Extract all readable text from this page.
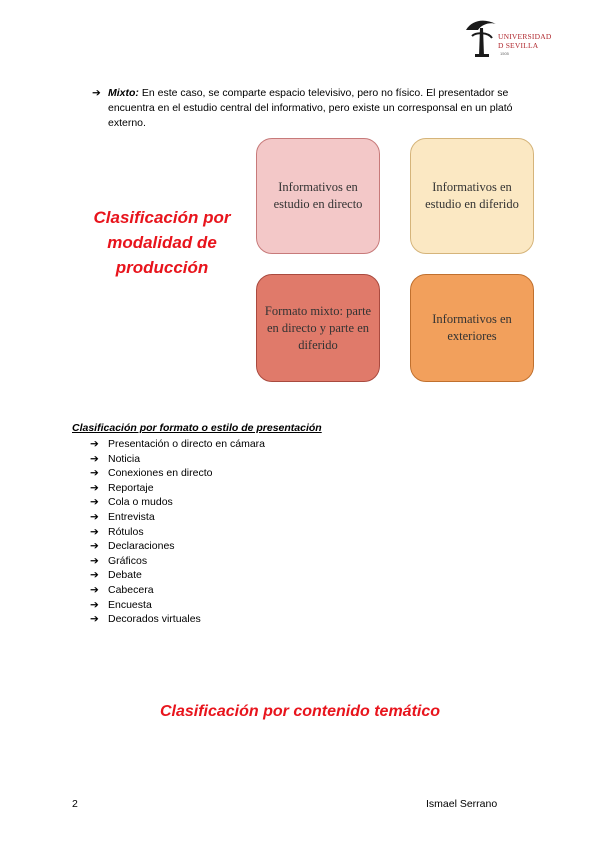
UNIVERSIDAD
D SEVILLA
1505
➔ Mixto: En este caso, se comparte espacio televisivo, pero no físico. El presentador se encuentra en el estudio central del informativo, pero existe un corresponsal en un plató externo.
Clasificación por modalidad de producción
Informativos en estudio en directo
Informativos en estudio en diferido
Formato mixto: parte en directo y parte en diferido
Informativos en exteriores
Clasificación por formato o estilo de presentación
➔ Presentación o directo en cámara
➔ Noticia
➔ Conexiones en directo
➔ Reportaje
➔ Cola o mudos
➔ Entrevista
➔ Rótulos
➔ Declaraciones
➔ Gráficos
➔ Debate
➔ Cabecera
➔ Encuesta
➔ Decorados virtuales
Clasificación por contenido temático
2	Ismael Serrano
